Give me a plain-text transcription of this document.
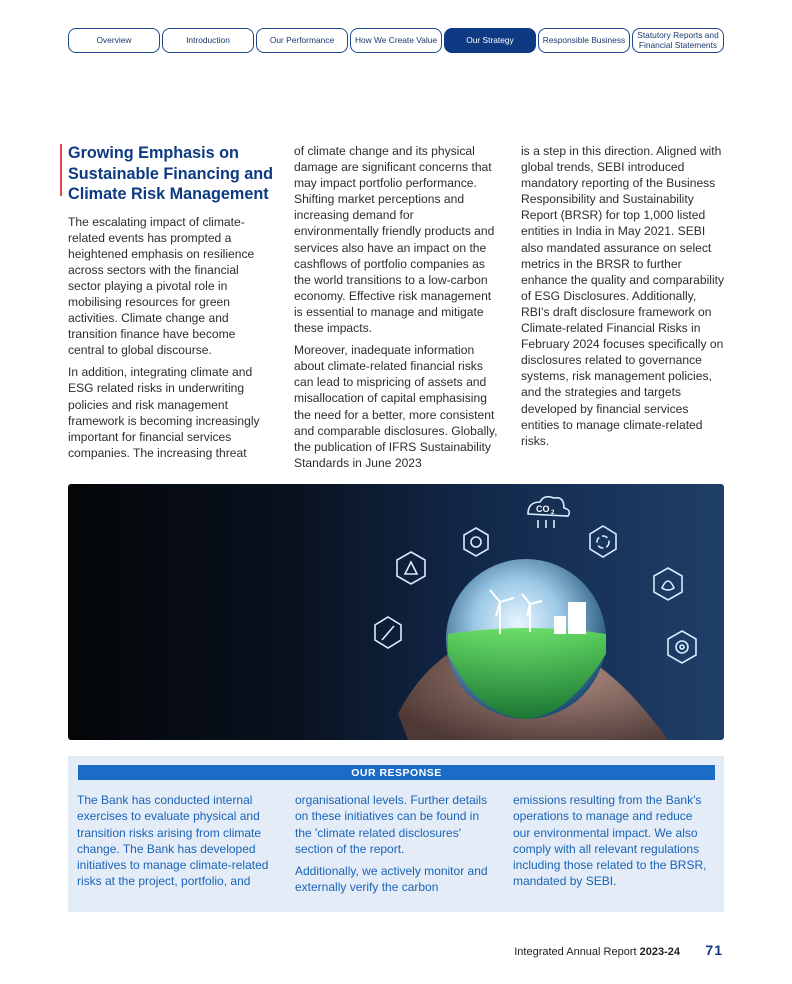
Overview	Introduction	Our Performance	How We Create Value	Our Strategy	Responsible Business	Statutory Reports and Financial Statements
Growing Emphasis on Sustainable Financing and Climate Risk Management

The escalating impact of climate-related events has prompted a heightened emphasis on resilience across sectors with the financial sector playing a pivotal role in mobilising resources for green activities. Climate change and transition finance have become central to global discourse.

In addition, integrating climate and ESG related risks in underwriting policies and risk management framework is becoming increasingly important for financial services companies. The increasing threat

of climate change and its physical damage are significant concerns that may impact portfolio performance. Shifting market perceptions and increasing demand for environmentally friendly products and services also have an impact on the cashflows of portfolio companies as the world transitions to a low-carbon economy. Effective risk management is essential to manage and mitigate these impacts.

Moreover, inadequate information about climate-related financial risks can lead to mispricing of assets and misallocation of capital emphasising the need for a better, more consistent and comparable disclosures. Globally, the publication of IFRS Sustainability Standards in June 2023

is a step in this direction. Aligned with global trends, SEBI introduced mandatory reporting of the Business Responsibility and Sustainability Report (BRSR) for top 1,000 listed entities in India in May 2021. SEBI also mandated assurance on select metrics in the BRSR to further enhance the quality and comparability of ESG Disclosures. Additionally, RBI's draft disclosure framework on Climate-related Financial Risks in February 2024 focuses specifically on disclosures related to governance systems, risk management policies, and the strategies and targets developed by financial services entities to manage climate-related risks.

CO 2
OUR RESPONSE

The Bank has conducted internal exercises to evaluate physical and transition risks arising from climate change. The Bank has developed initiatives to manage climate-related risks at the project, portfolio, and

organisational levels. Further details on these initiatives can be found in the 'climate related disclosures' section of the report.

Additionally, we actively monitor and externally verify the carbon

emissions resulting from the Bank's operations to manage and reduce our environmental impact. We also comply with all relevant regulations including those related to the BRSR, mandated by SEBI.

Integrated Annual Report 2023-24 71
